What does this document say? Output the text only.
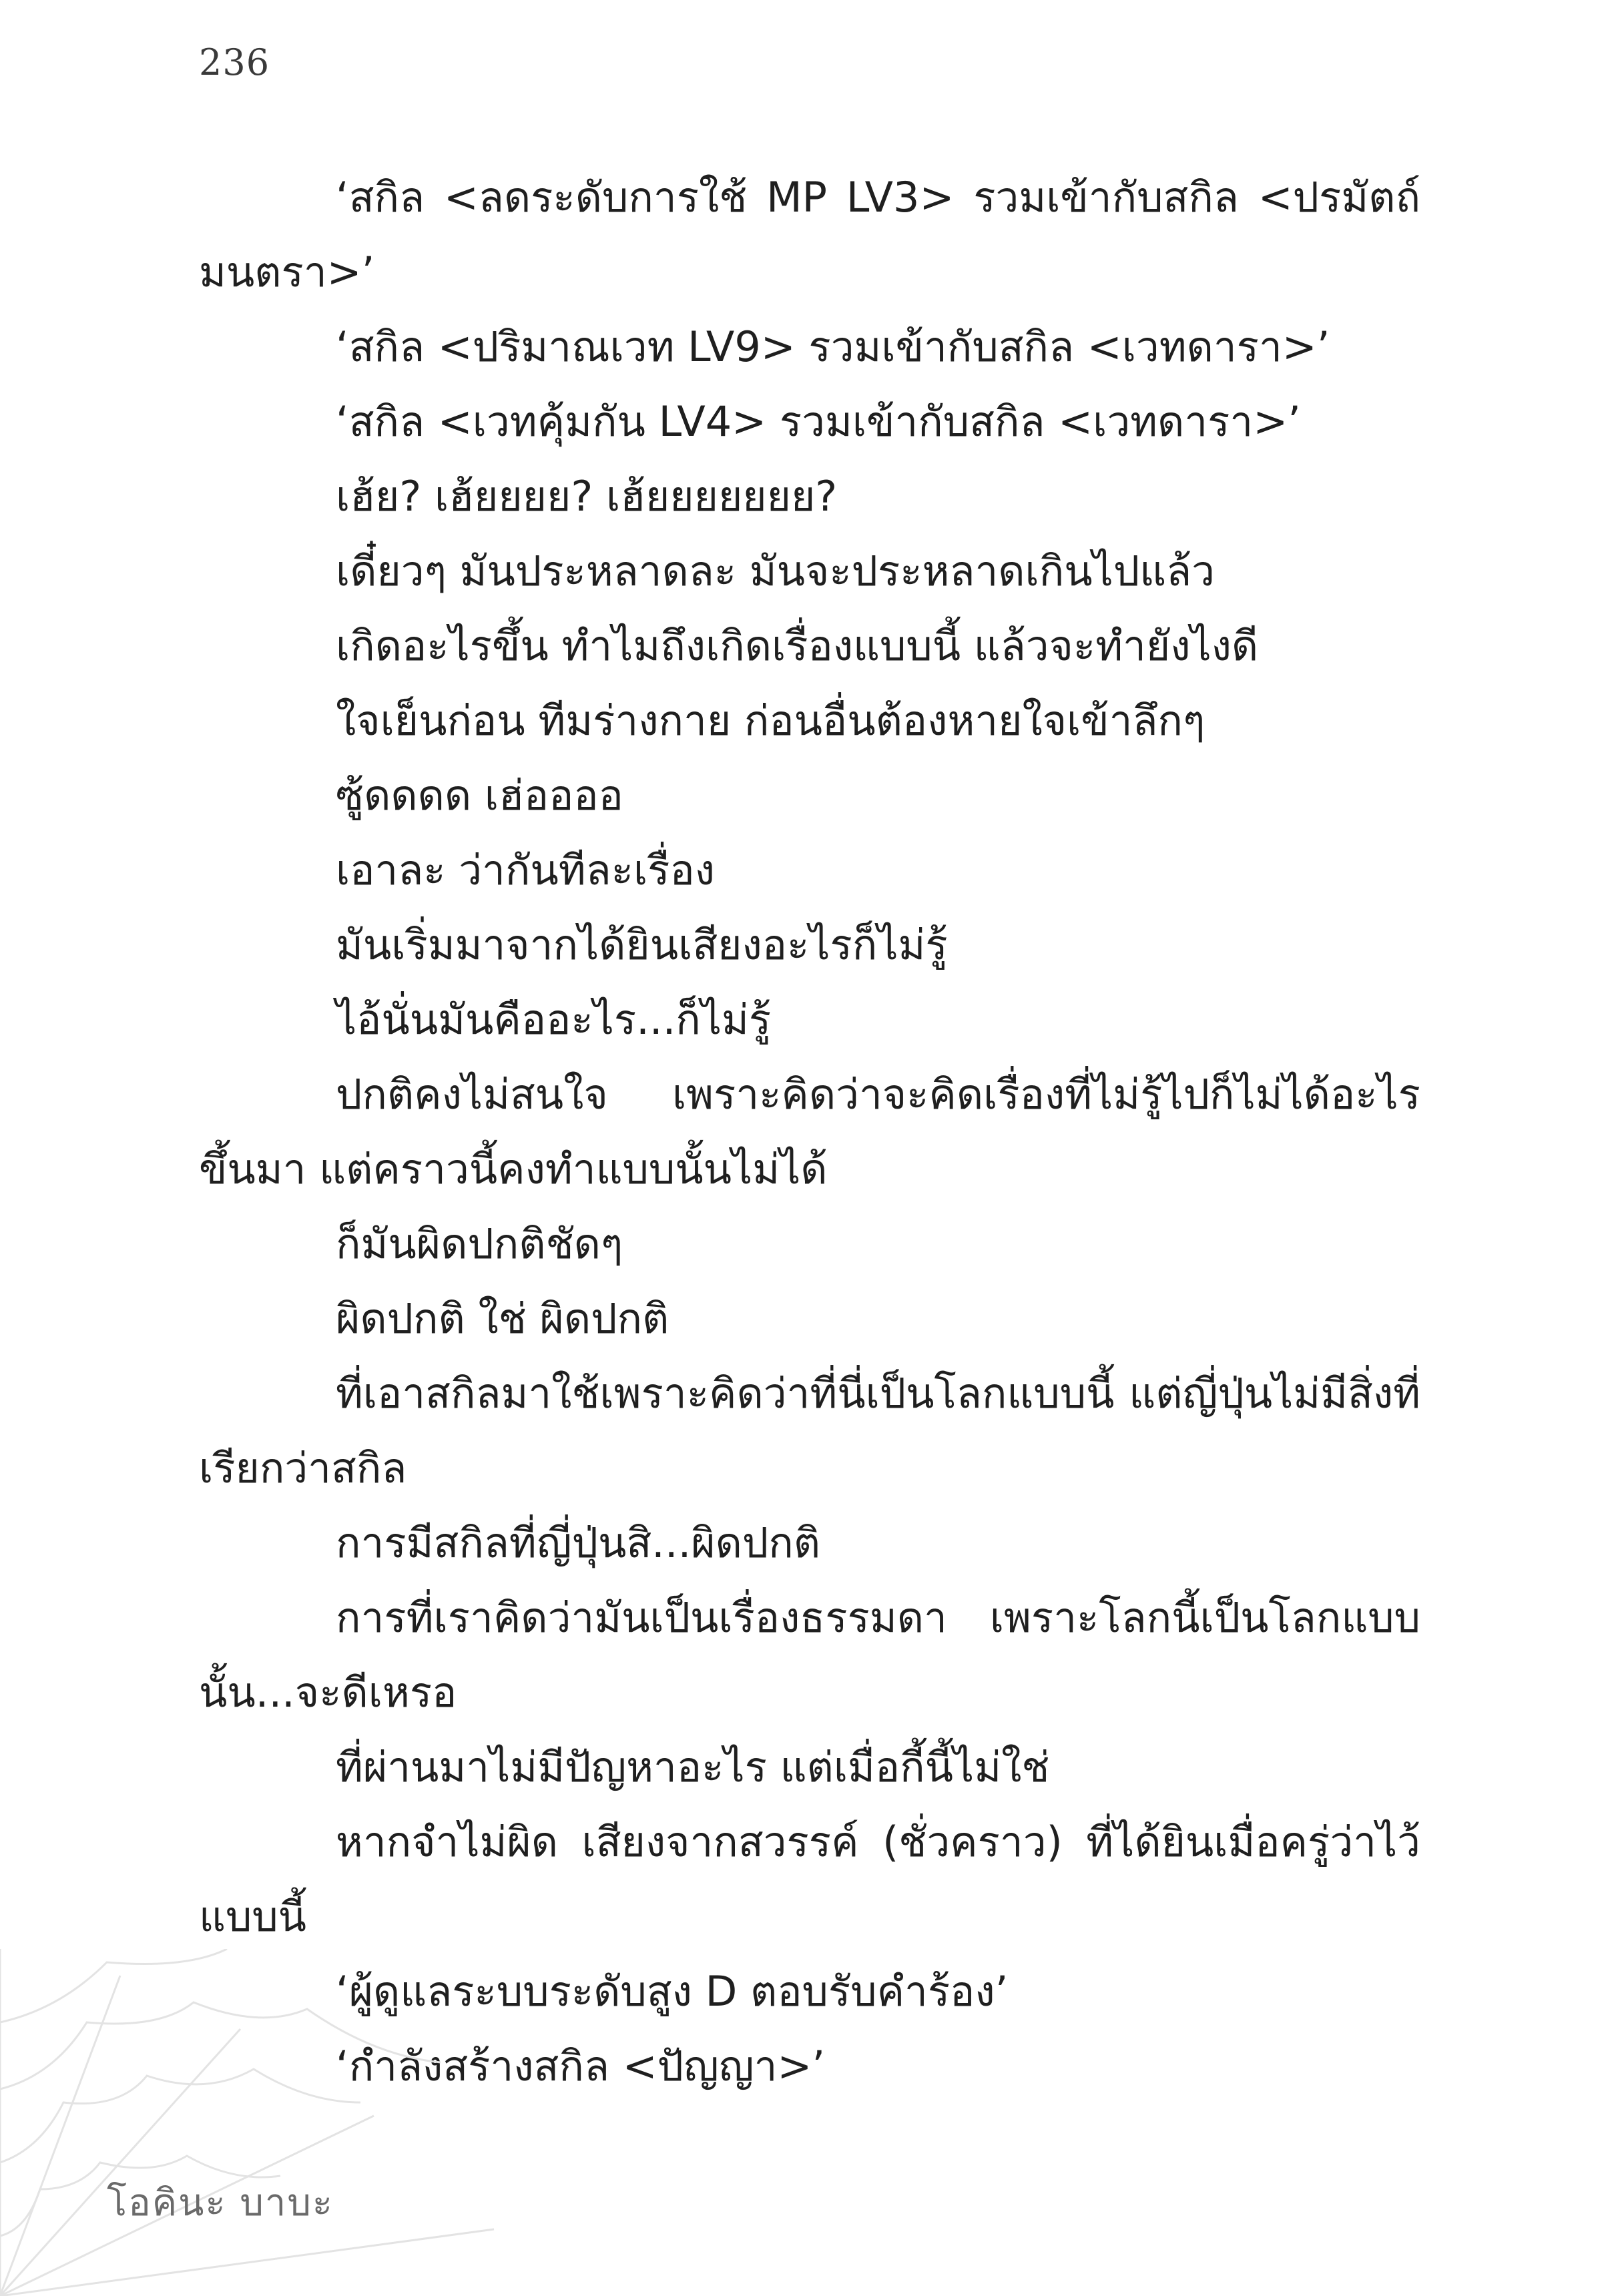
236

‘สกิล <ลดระดับการใช้ MP LV3> รวมเข้ากับสกิล <ปรมัตถ์มนตรา>’

‘สกิล <ปริมาณเวท LV9> รวมเข้ากับสกิล <เวทดารา>’

‘สกิล <เวทคุ้มกัน LV4> รวมเข้ากับสกิล <เวทดารา>’

เฮ้ย? เฮ้ยยยย? เฮ้ยยยยยยย?

เดี๋ยวๆ มันประหลาดละ มันจะประหลาดเกินไปแล้ว

เกิดอะไรขึ้น ทำไมถึงเกิดเรื่องแบบนี้ แล้วจะทำยังไงดี

ใจเย็นก่อน ทีมร่างกาย ก่อนอื่นต้องหายใจเข้าลึกๆ

ซู้ดดดด เฮ่ออออ

เอาละ ว่ากันทีละเรื่อง

มันเริ่มมาจากได้ยินเสียงอะไรก็ไม่รู้

ไอ้นั่นมันคืออะไร...ก็ไม่รู้

ปกติคงไม่สนใจ เพราะคิดว่าจะคิดเรื่องที่ไม่รู้ไปก็ไม่ได้อะไรขึ้นมา แต่คราวนี้คงทำแบบนั้นไม่ได้

ก็มันผิดปกติชัดๆ

ผิดปกติ ใช่ ผิดปกติ

ที่เอาสกิลมาใช้เพราะคิดว่าที่นี่เป็นโลกแบบนี้ แต่ญี่ปุ่นไม่มีสิ่งที่เรียกว่าสกิล

การมีสกิลที่ญี่ปุ่นสิ...ผิดปกติ

การที่เราคิดว่ามันเป็นเรื่องธรรมดา เพราะโลกนี้เป็นโลกแบบนั้น...จะดีเหรอ

ที่ผ่านมาไม่มีปัญหาอะไร แต่เมื่อกี้นี้ไม่ใช่

หากจำไม่ผิด เสียงจากสวรรค์ (ชั่วคราว) ที่ได้ยินเมื่อครู่ว่าไว้แบบนี้

‘ผู้ดูแลระบบระดับสูง D ตอบรับคำร้อง’

‘กำลังสร้างสกิล <ปัญญา>’

โอคินะ บาบะ
